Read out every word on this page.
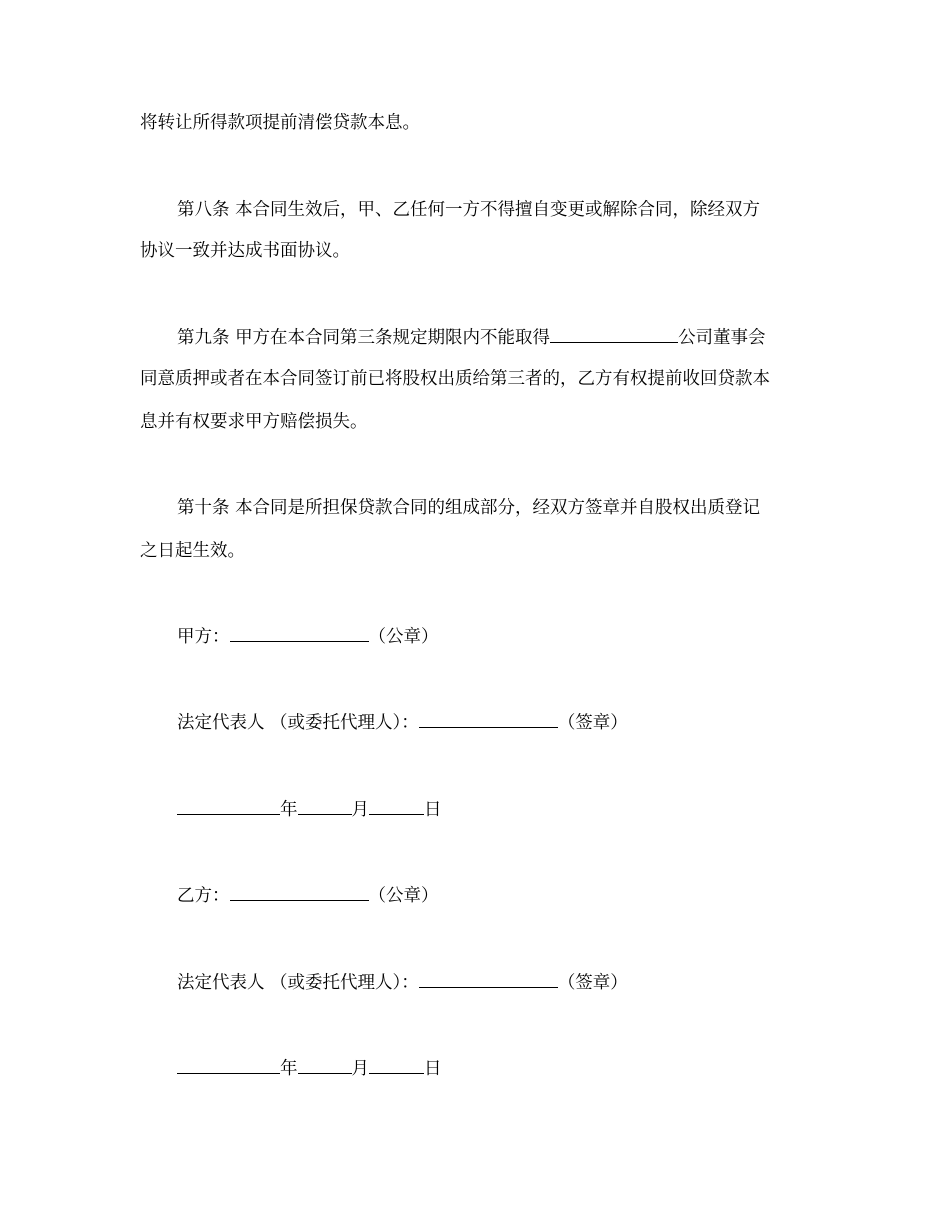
将转让所得款项提前清偿贷款本息。
第八条 本合同生效后，甲、乙任何一方不得擅自变更或解除合同，除经双方
协议一致并达成书面协议。
第九条 甲方在本合同第三条规定期限内不能取得	公司董事会
同意质押或者在本合同签订前已将股权出质给第三者的，乙方有权提前收回贷款本
息并有权要求甲方赔偿损失。
第十条 本合同是所担保贷款合同的组成部分，经双方签章并自股权出质登记
之日起生效。
甲方：	（公章）
法定代表人 （或委托代理人）：	（签章）
年	月	日
乙方：	（公章）
法定代表人 （或委托代理人）：	（签章）
年	月	日
